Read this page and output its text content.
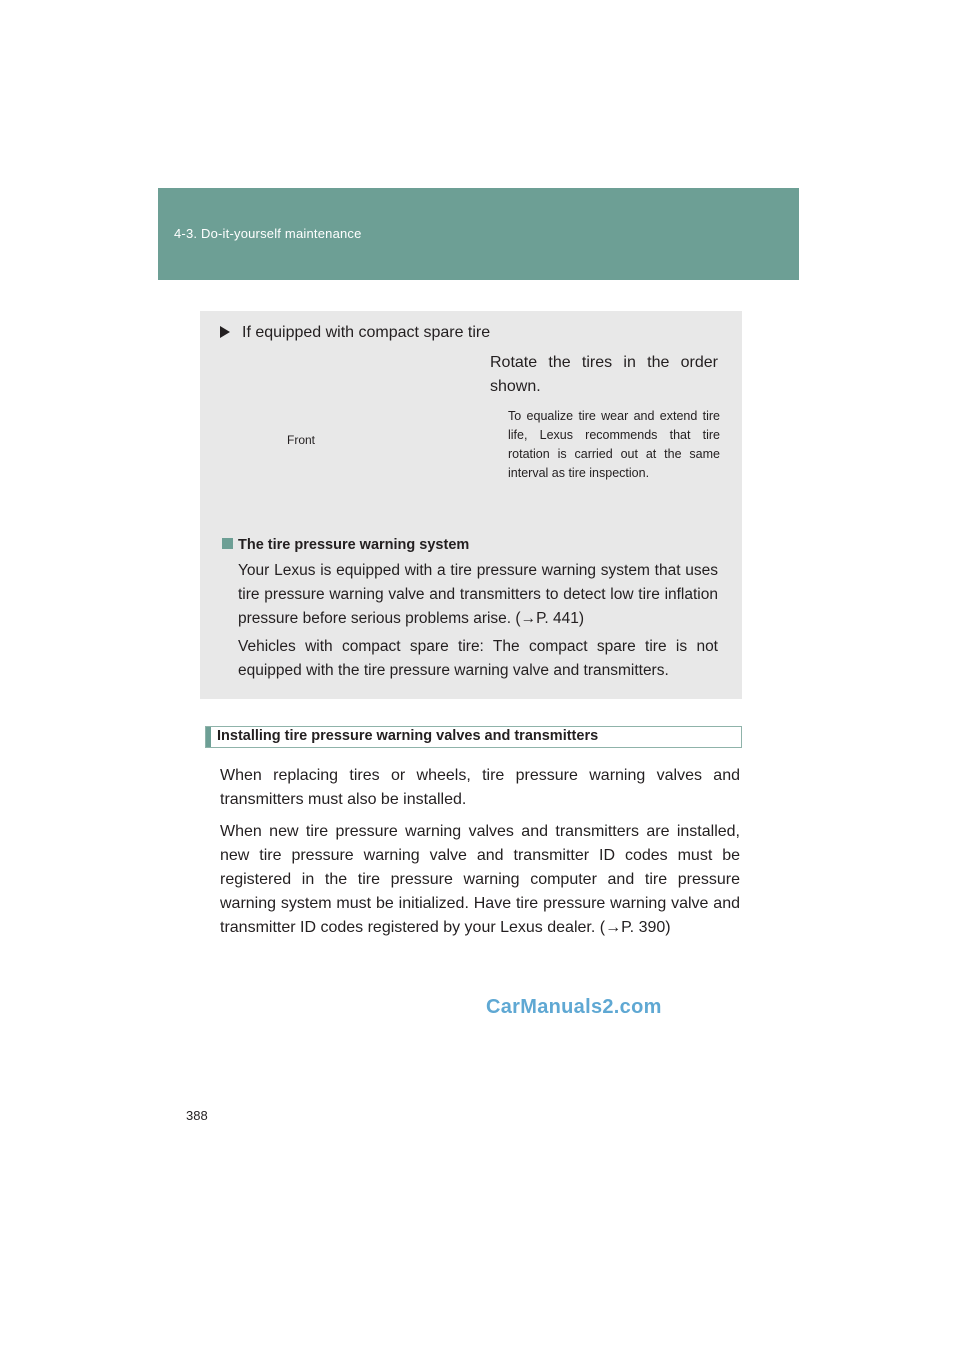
4-3. Do-it-yourself maintenance
If equipped with compact spare tire
Front
Rotate the tires in the order shown.
To equalize tire wear and extend tire life, Lexus recommends that tire rotation is carried out at the same interval as tire inspection.
The tire pressure warning system
Your Lexus is equipped with a tire pressure warning system that uses tire pressure warning valve and transmitters to detect low tire inflation pressure before serious problems arise. (→P. 441)
Vehicles with compact spare tire: The compact spare tire is not equipped with the tire pressure warning valve and transmitters.
Installing tire pressure warning valves and transmitters
When replacing tires or wheels, tire pressure warning valves and transmitters must also be installed.
When new tire pressure warning valves and transmitters are installed, new tire pressure warning valve and transmitter ID codes must be registered in the tire pressure warning computer and tire pressure warning system must be initialized. Have tire pressure warning valve and transmitter ID codes registered by your Lexus dealer. (→P. 390)
CarManuals2.com
388
